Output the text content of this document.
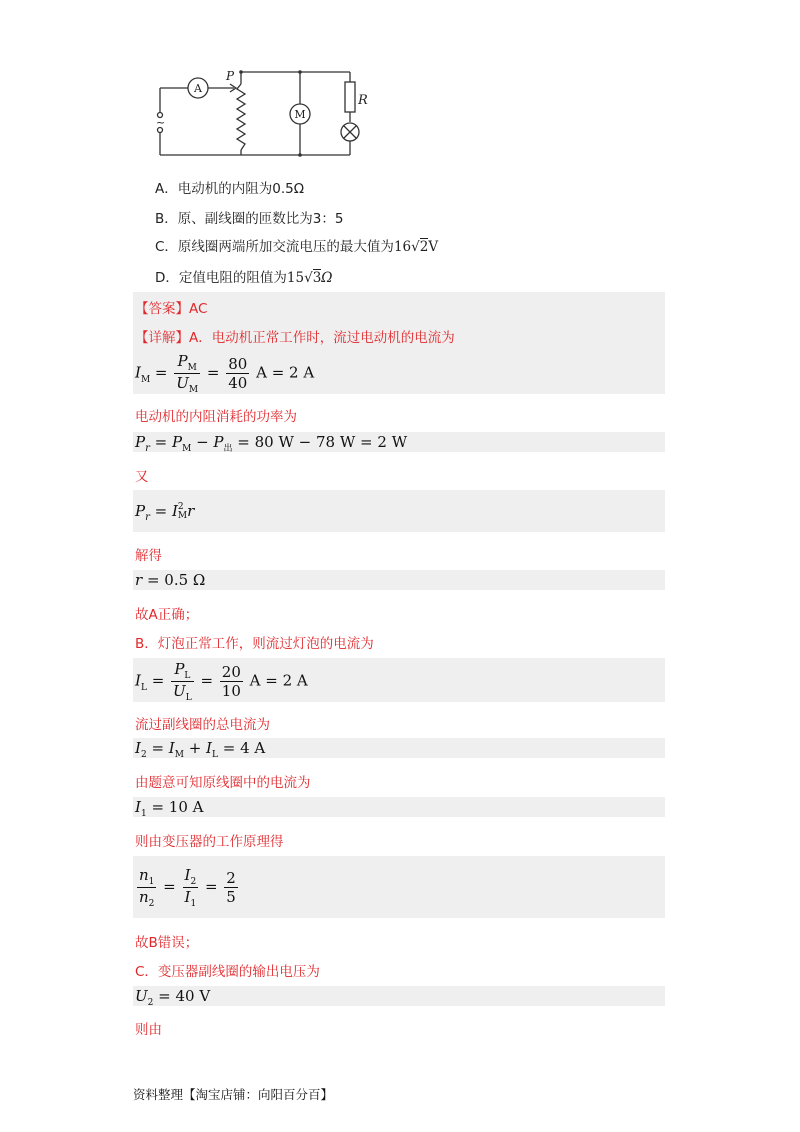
A
M
P
R
~
A．电动机的内阻为0.5Ω
B．原、副线圈的匝数比为3：5
C．原线圈两端所加交流电压的最大值为16√2V
D．定值电阻的阻值为15√3Ω
【答案】AC
【详解】A．电动机正常工作时，流过电动机的电流为
$I_M = \frac{P_M}{U_M} = \frac{80}{40}$ A = 2 A
电动机的内阻消耗的功率为
$P_r = P_M - P_出 = 80$ W − 78 W = 2 W
又
$P_r = I$ 2
M r
解得
r = 0.5 Ω
故A正确；
B．灯泡正常工作，则流过灯泡的电流为
$I_L = \frac{P_L}{U_L} = \frac{20}{10}$ A = 2 A
流过副线圈的总电流为
$I_2 = I_M + I_L = 4$ A
由题意可知原线圈中的电流为
$I_1 = 10$ A
则由变压器的工作原理得
$\frac{n_1}{n_2} = \frac{I_2}{I_1} = \frac{2}{5}$
故B错误；
C．变压器副线圈的输出电压为
$U_2 = 40$ V
则由
资料整理【淘宝店铺：向阳百分百】
